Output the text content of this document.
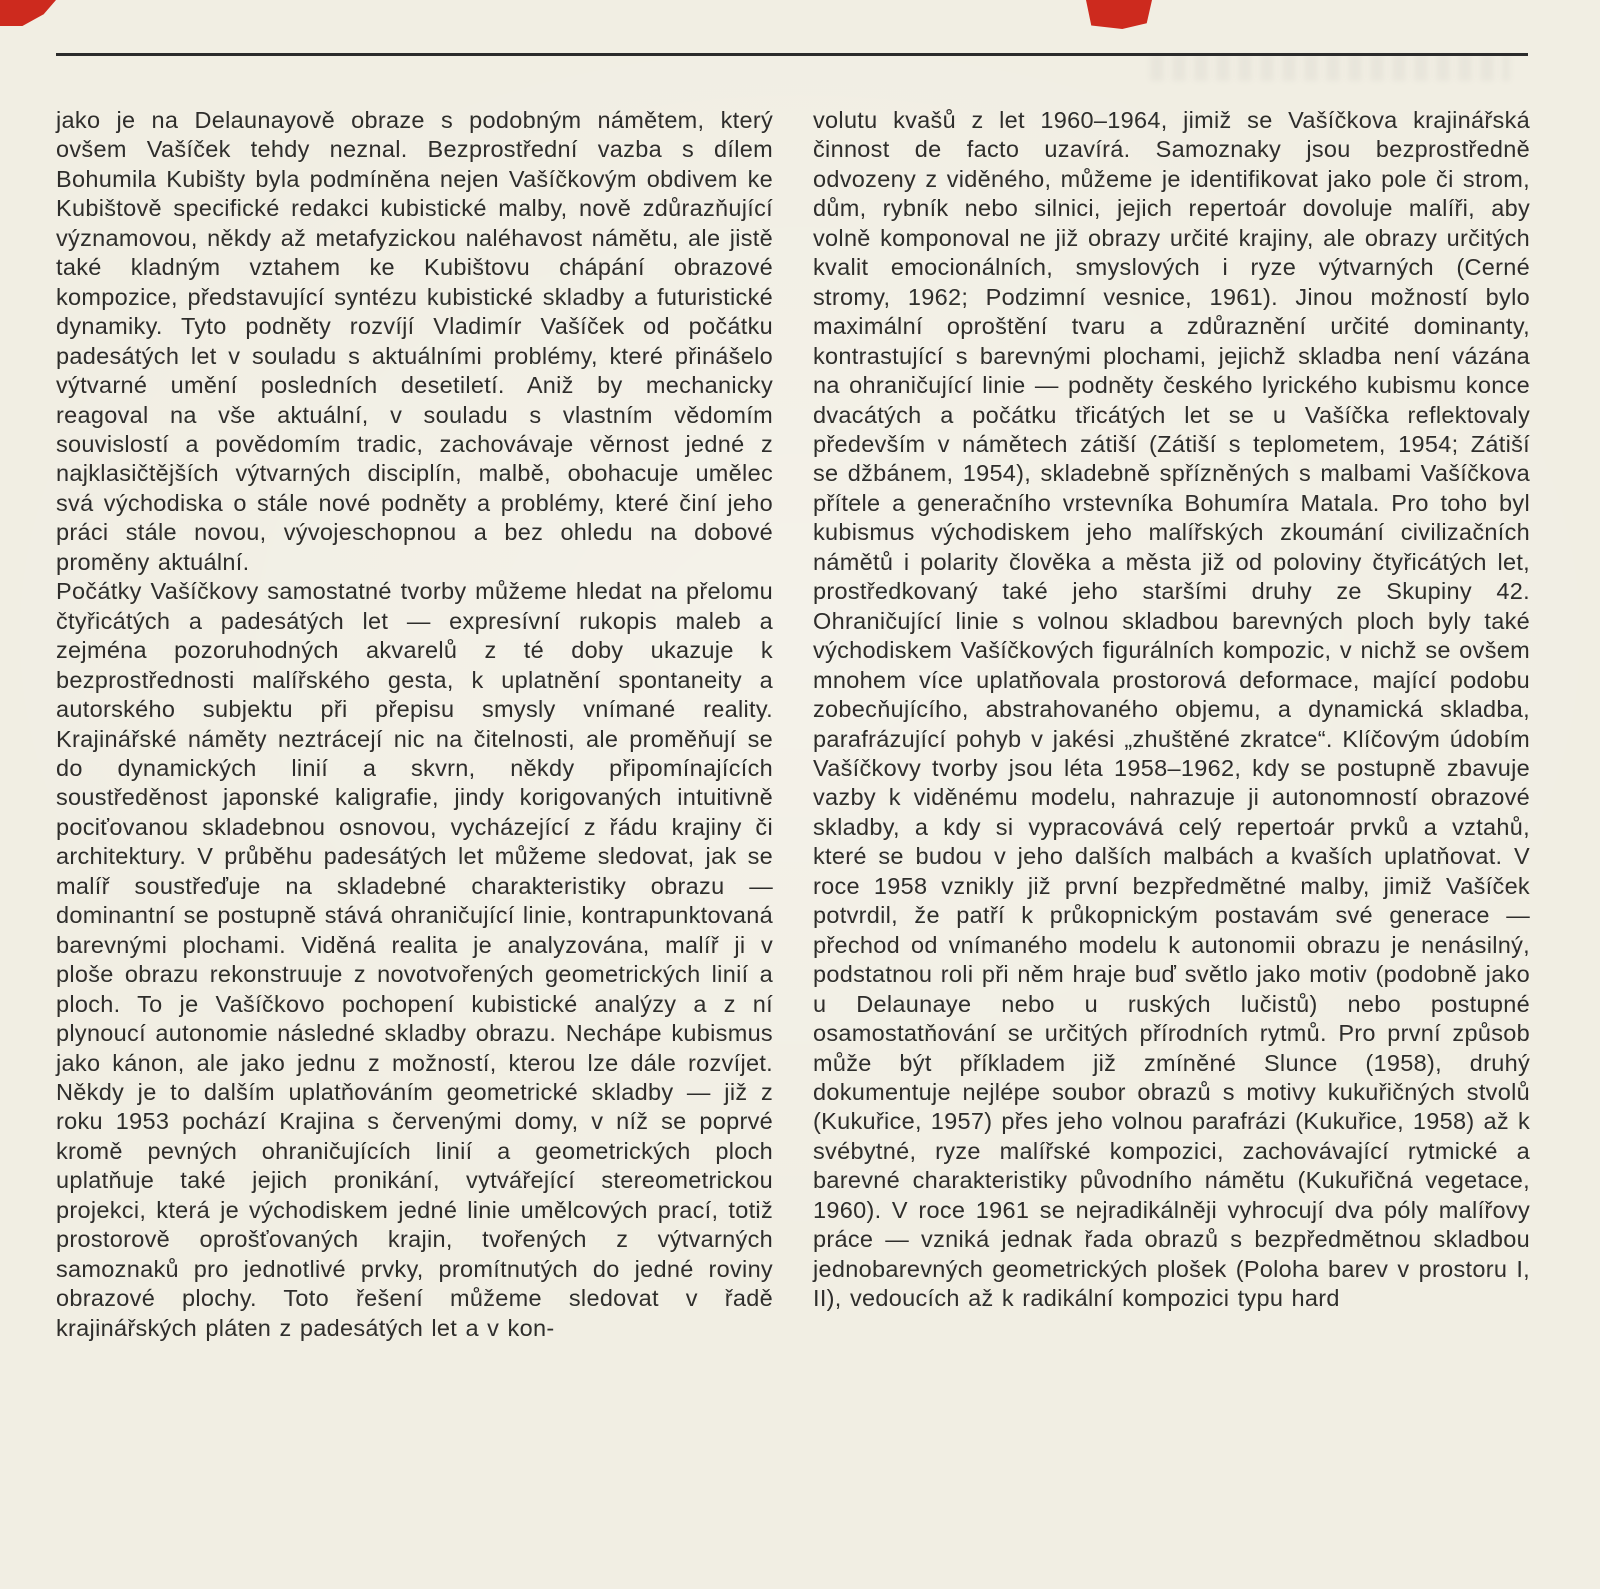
jako je na Delaunayově obraze s podobným námětem, který ovšem Vašíček tehdy neznal. Bezprostřední vazba s dílem Bohumila Kubišty byla podmíněna nejen Vašíčkovým obdivem ke Kubištově specifické redakci kubistické malby, nově zdůrazňující významovou, někdy až metafyzickou naléhavost námětu, ale jistě také kladným vztahem ke Kubištovu chápání obrazové kompozice, představující syntézu kubistické skladby a futuristické dynamiky. Tyto podněty rozvíjí Vladimír Vašíček od počátku padesátých let v souladu s aktuálními problémy, které přinášelo výtvarné umění posledních desetiletí. Aniž by mechanicky reagoval na vše aktuální, v souladu s vlastním vědomím souvislostí a povědomím tradic, zachovávaje věrnost jedné z najklasičtějších výtvarných disciplín, malbě, obohacuje umělec svá východiska o stále nové podněty a problémy, které činí jeho práci stále novou, vývojeschopnou a bez ohledu na dobové proměny aktuální.

Počátky Vašíčkovy samostatné tvorby můžeme hledat na přelomu čtyřicátých a padesátých let — expresívní rukopis maleb a zejména pozoruhodných akvarelů z té doby ukazuje k bezprostřednosti malířského gesta, k uplatnění spontaneity a autorského subjektu při přepisu smysly vnímané reality. Krajinářské náměty neztrácejí nic na čitelnosti, ale proměňují se do dynamických linií a skvrn, někdy připomínajících soustředěnost japonské kaligrafie, jindy korigovaných intuitivně pociťovanou skladebnou osnovou, vycházející z řádu krajiny či architektury. V průběhu padesátých let můžeme sledovat, jak se malíř soustřeďuje na skladebné charakteristiky obrazu — dominantní se postupně stává ohraničující linie, kontrapunktovaná barevnými plochami. Viděná realita je analyzována, malíř ji v ploše obrazu rekonstruuje z novotvořených geometrických linií a ploch. To je Vašíčkovo pochopení kubistické analýzy a z ní plynoucí autonomie následné skladby obrazu. Nechápe kubismus jako kánon, ale jako jednu z možností, kterou lze dále rozvíjet. Někdy je to dalším uplatňováním geometrické skladby — již z roku 1953 pochází Krajina s červenými domy, v níž se poprvé kromě pevných ohraničujících linií a geometrických ploch uplatňuje také jejich pronikání, vytvářející stereometrickou projekci, která je východiskem jedné linie umělcových prací, totiž prostorově oprošťovaných krajin, tvořených z výtvarných samoznaků pro jednotlivé prvky, promítnutých do jedné roviny obrazové plochy. Toto řešení můžeme sledovat v řadě krajinářských pláten z padesátých let a v kon-

volutu kvašů z let 1960–1964, jimiž se Vašíčkova krajinářská činnost de facto uzavírá. Samoznaky jsou bezprostředně odvozeny z viděného, můžeme je identifikovat jako pole či strom, dům, rybník nebo silnici, jejich repertoár dovoluje malíři, aby volně komponoval ne již obrazy určité krajiny, ale obrazy určitých kvalit emocionálních, smyslových i ryze výtvarných (Cerné stromy, 1962; Podzimní vesnice, 1961). Jinou možností bylo maximální oproštění tvaru a zdůraznění určité dominanty, kontrastující s barevnými plochami, jejichž skladba není vázána na ohraničující linie — podněty českého lyrického kubismu konce dvacátých a počátku třicátých let se u Vašíčka reflektovaly především v námětech zátiší (Zátiší s teplometem, 1954; Zátiší se džbánem, 1954), skladebně spřízněných s malbami Vašíčkova přítele a generačního vrstevníka Bohumíra Matala. Pro toho byl kubismus východiskem jeho malířských zkoumání civilizačních námětů i polarity člověka a města již od poloviny čtyřicátých let, prostředkovaný také jeho staršími druhy ze Skupiny 42. Ohraničující linie s volnou skladbou barevných ploch byly také východiskem Vašíčkových figurálních kompozic, v nichž se ovšem mnohem více uplatňovala prostorová deformace, mající podobu zobecňujícího, abstrahovaného objemu, a dynamická skladba, parafrázující pohyb v jakési „zhuštěné zkratce“. Klíčovým údobím Vašíčkovy tvorby jsou léta 1958–1962, kdy se postupně zbavuje vazby k viděnému modelu, nahrazuje ji autonomností obrazové skladby, a kdy si vypracovává celý repertoár prvků a vztahů, které se budou v jeho dalších malbách a kvaších uplatňovat. V roce 1958 vznikly již první bezpředmětné malby, jimiž Vašíček potvrdil, že patří k průkopnickým postavám své generace — přechod od vnímaného modelu k autonomii obrazu je nenásilný, podstatnou roli při něm hraje buď světlo jako motiv (podobně jako u Delaunaye nebo u ruských lučistů) nebo postupné osamostatňování se určitých přírodních rytmů. Pro první způsob může být příkladem již zmíněné Slunce (1958), druhý dokumentuje nejlépe soubor obrazů s motivy kukuřičných stvolů (Kukuřice, 1957) přes jeho volnou parafrázi (Kukuřice, 1958) až k svébytné, ryze malířské kompozici, zachovávající rytmické a barevné charakteristiky původního námětu (Kukuřičná vegetace, 1960). V roce 1961 se nejradikálněji vyhrocují dva póly malířovy práce — vzniká jednak řada obrazů s bezpředmětnou skladbou jednobarevných geometrických plošek (Poloha barev v prostoru I, II), vedoucích až k radikální kompozici typu hard
